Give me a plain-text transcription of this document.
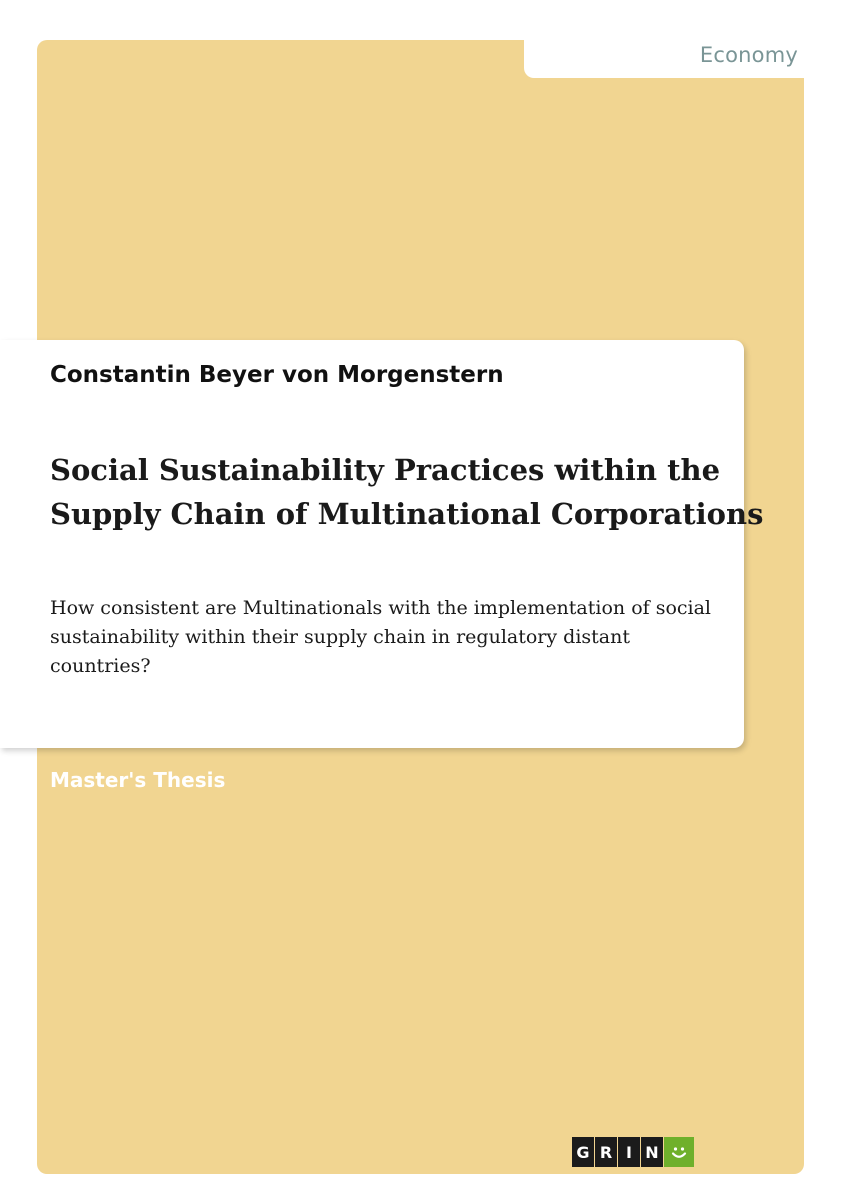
Economy
Constantin Beyer von Morgenstern
Social Sustainability Practices within the
Supply Chain of Multinational Corporations

How consistent are Multinationals with the implementation of social
sustainability within their supply chain in regulatory distant
countries?

Master's Thesis
G R I N
